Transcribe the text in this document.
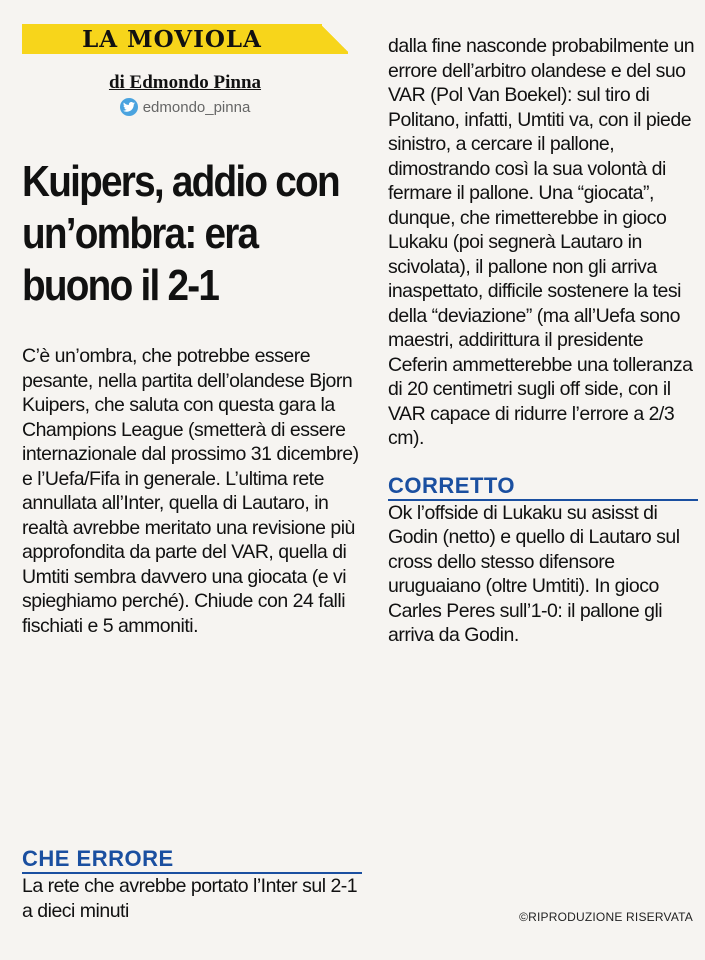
LA MOVIOLA
di Edmondo Pinna
edmondo_pinna
Kuipers, addio con un’ombra: era buono il 2-1
C’è un’ombra, che potrebbe essere pesante, nella partita dell’olandese Bjorn Kuipers, che saluta con questa gara la Champions League (smetterà di essere internazionale dal prossimo 31 dicembre) e l’Uefa/Fifa in generale. L’ultima rete annullata all’Inter, quella di Lautaro, in realtà avrebbe meritato una revisione più approfondita da parte del VAR, quella di Umtiti sembra davvero una giocata (e vi spieghiamo perché). Chiude con 24 falli fischiati e 5 ammoniti.
CHE ERRORE
La rete che avrebbe portato l’Inter sul 2-1 a dieci minuti
dalla fine nasconde probabilmente un errore dell’arbitro olandese e del suo VAR (Pol Van Boekel): sul tiro di Politano, infatti, Umtiti va, con il piede sinistro, a cercare il pallone, dimostrando così la sua volontà di fermare il pallone. Una “giocata”, dunque, che rimetterebbe in gioco Lukaku (poi segnerà Lautaro in scivolata), il pallone non gli arriva inaspettato, difficile sostenere la tesi della “deviazione” (ma all’Uefa sono maestri, addirittura il presidente Ceferin ammetterebbe una tolleranza di 20 centimetri sugli off side, con il VAR capace di ridurre l’errore a 2/3 cm).
CORRETTO
Ok l’offside di Lukaku su asisst di Godin (netto) e quello di Lautaro sul cross dello stesso difensore uruguaiano (oltre Umtiti). In gioco Carles Peres sull’1-0: il pallone gli arriva da Godin.
©RIPRODUZIONE RISERVATA
